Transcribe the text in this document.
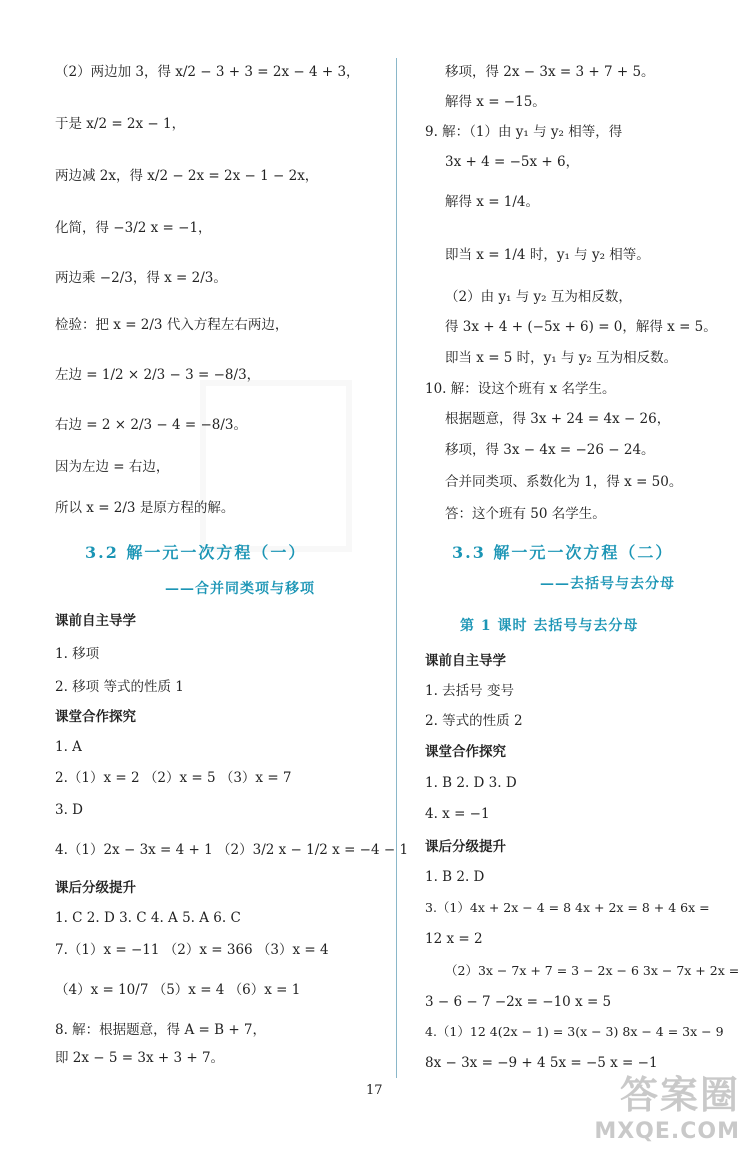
（2）两边加 3，得 x/2 − 3 + 3 = 2x − 4 + 3，
于是 x/2 = 2x − 1，
两边减 2x，得 x/2 − 2x = 2x − 1 − 2x，
化简，得 −3/2 x = −1，
两边乘 −2/3，得 x = 2/3。
检验：把 x = 2/3 代入方程左右两边，
左边 = 1/2 × 2/3 − 3 = −8/3，
右边 = 2 × 2/3 − 4 = −8/3。
因为左边 = 右边，
所以 x = 2/3 是原方程的解。
3.2 解一元一次方程（一）
——合并同类项与移项
课前自主导学
1. 移项
2. 移项 等式的性质 1
课堂合作探究
1. A
2.（1）x = 2 （2）x = 5 （3）x = 7
3. D
4.（1）2x − 3x = 4 + 1 （2）3/2 x − 1/2 x = −4 − 1
课后分级提升
1. C 2. D 3. C 4. A 5. A 6. C
7.（1）x = −11 （2）x = 366 （3）x = 4
（4）x = 10/7 （5）x = 4 （6）x = 1
8. 解：根据题意，得 A = B + 7，
即 2x − 5 = 3x + 3 + 7。
移项，得 2x − 3x = 3 + 7 + 5。
解得 x = −15。
9. 解：（1）由 y₁ 与 y₂ 相等，得
3x + 4 = −5x + 6，
解得 x = 1/4。
即当 x = 1/4 时，y₁ 与 y₂ 相等。
（2）由 y₁ 与 y₂ 互为相反数，
得 3x + 4 + (−5x + 6) = 0，解得 x = 5。
即当 x = 5 时，y₁ 与 y₂ 互为相反数。
10. 解：设这个班有 x 名学生。
根据题意，得 3x + 24 = 4x − 26，
移项，得 3x − 4x = −26 − 24。
合并同类项、系数化为 1，得 x = 50。
答：这个班有 50 名学生。
3.3 解一元一次方程（二）
——去括号与去分母
第 1 课时 去括号与去分母
课前自主导学
1. 去括号 变号
2. 等式的性质 2
课堂合作探究
1. B 2. D 3. D
4. x = −1
课后分级提升
1. B 2. D
3.（1）4x + 2x − 4 = 8 4x + 2x = 8 + 4 6x =
12 x = 2
（2）3x − 7x + 7 = 3 − 2x − 6 3x − 7x + 2x =
3 − 6 − 7 −2x = −10 x = 5
4.（1）12 4(2x − 1) = 3(x − 3) 8x − 4 = 3x − 9
8x − 3x = −9 + 4 5x = −5 x = −1
17	答案圈
MXQE.COM
